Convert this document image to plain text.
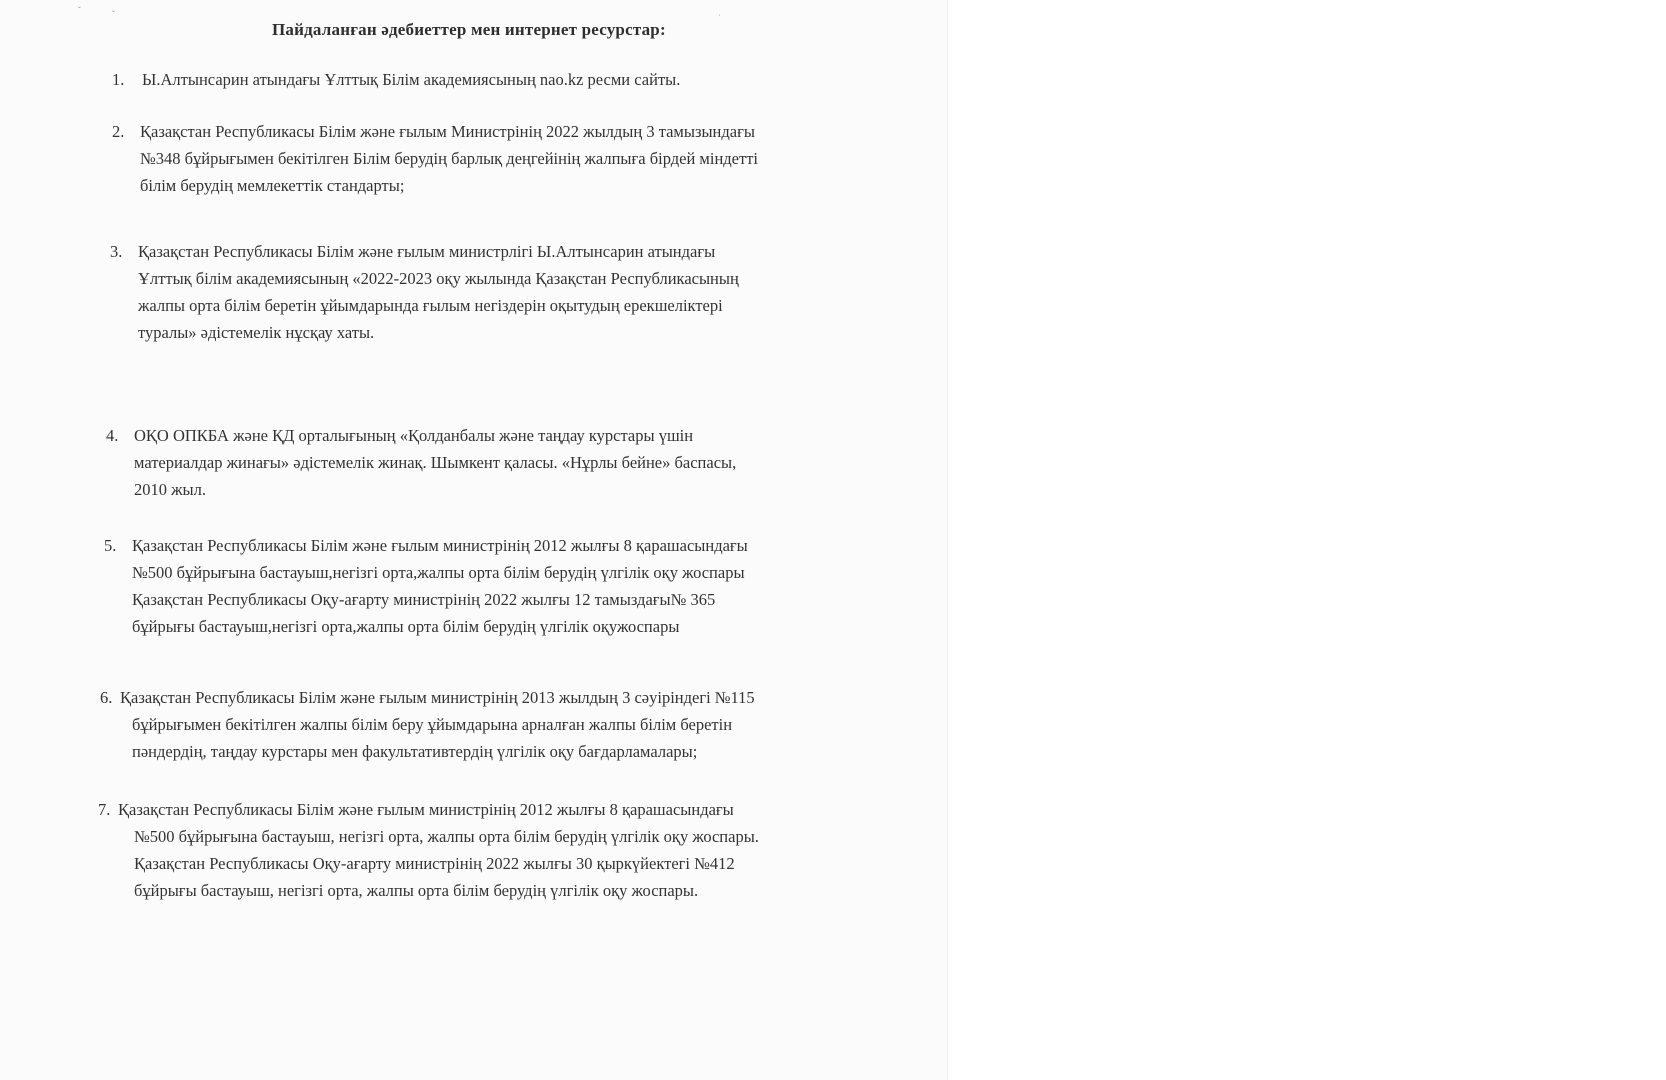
ˇ	ˇ	˙
Пайдаланған әдебиеттер мен интернет ресурстар:
1. Ы.Алтынсарин атындағы Ұлттық Білім академиясының nao.kz ресми сайты.
2. Қазақстан Республикасы Білім және ғылым Министрінің 2022 жылдың 3 тамызындағы
№348 бұйрығымен бекітілген Білім берудің барлық деңгейінің жалпыға бірдей міндетті
білім берудің мемлекеттік стандарты;
3. Қазақстан Республикасы Білім және ғылым министрлігі Ы.Алтынсарин атындағы
Ұлттық білім академиясының «2022-2023 оқу жылында Қазақстан Республикасының
жалпы орта білім беретін ұйымдарында ғылым негіздерін оқытудың ерекшеліктері
туралы» әдістемелік нұсқау хаты.
4. ОҚО ОПКБА және ҚД орталығының «Қолданбалы және таңдау курстары үшін
материалдар жинағы» әдістемелік жинақ. Шымкент қаласы. «Нұрлы бейне» баспасы,
2010 жыл.
5. Қазақстан Республикасы Білім және ғылым министрінің 2012 жылғы 8 қарашасындағы
№500 бұйрығына бастауыш,негізгі орта,жалпы орта білім берудің үлгілік оқу жоспары
Қазақстан Республикасы Оқу-ағарту министрінің 2022 жылғы 12 тамыздағы№ 365
бұйрығы бастауыш,негізгі орта,жалпы орта білім берудің үлгілік оқужоспары
6. Қазақстан Республикасы Білім және ғылым министрінің 2013 жылдың 3 сәуіріндегі №115
бұйрығымен бекітілген жалпы білім беру ұйымдарына арналған жалпы білім беретін
пәндердің, таңдау курстары мен факультативтердің үлгілік оқу бағдарламалары;
7. Қазақстан Республикасы Білім және ғылым министрінің 2012 жылғы 8 қарашасындағы
№500 бұйрығына бастауыш, негізгі орта, жалпы орта білім берудің үлгілік оқу жоспары.
Қазақстан Республикасы Оқу-ағарту министрінің 2022 жылғы 30 қыркүйектегі №412
бұйрығы бастауыш, негізгі орта, жалпы орта білім берудің үлгілік оқу жоспары.
